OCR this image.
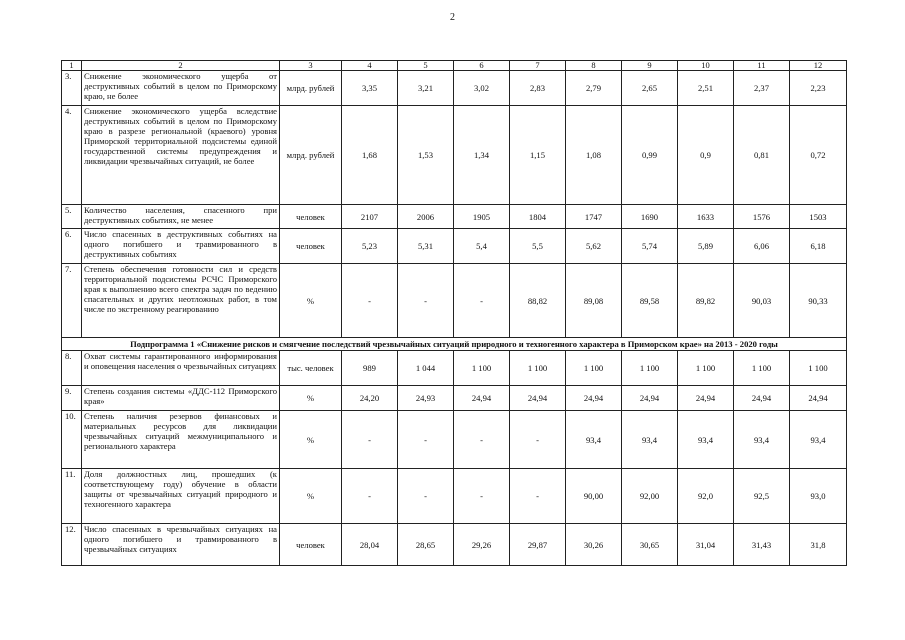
2
1	2	3	4	5	6	7	8	9	10	11	12
3.	Снижение экономического ущерба от деструктивных событий в целом по Приморскому краю, не более	млрд. рублей	3,35	3,21	3,02	2,83	2,79	2,65	2,51	2,37	2,23
4.	Снижение экономического ущерба вследствие деструктивных событий в целом по Приморскому краю в разрезе региональной (краевого) уровня Приморской территориальной подсистемы единой государственной системы предупреждения и ликвидации чрезвычайных ситуаций, не более	млрд. рублей	1,68	1,53	1,34	1,15	1,08	0,99	0,9	0,81	0,72
5.	Количество населения, спасенного при деструктивных событиях, не менее	человек	2107	2006	1905	1804	1747	1690	1633	1576	1503
6.	Число спасенных в деструктивных событиях на одного погибшего и травмированного в деструктивных событиях	человек	5,23	5,31	5,4	5,5	5,62	5,74	5,89	6,06	6,18
7.	Степень обеспечения готовности сил и средств территориальной подсистемы РСЧС Приморского края к выполнению всего спектра задач по ведению спасательных и других неотложных работ, в том числе по экстренному реагированию	%	-	-	-	88,82	89,08	89,58	89,82	90,03	90,33
Подпрограмма 1 «Снижение рисков и смягчение последствий чрезвычайных ситуаций природного и техногенного характера в Приморском крае» на 2013 - 2020 годы											
8.	Охват системы гарантированного информирования и оповещения населения о чрезвычайных ситуациях	тыс. человек	989	1 044	1 100	1 100	1 100	1 100	1 100	1 100	1 100
9.	Степень создания системы «ДДС-112 Приморского края»	%	24,20	24,93	24,94	24,94	24,94	24,94	24,94	24,94	24,94
10.	Степень наличия резервов финансовых и материальных ресурсов для ликвидации чрезвычайных ситуаций межмуниципального и регионального характера	%	-	-	-	-	93,4	93,4	93,4	93,4	93,4
11.	Доля должностных лиц, прошедших (к соответствующему году) обучение в области защиты от чрезвычайных ситуаций природного и техногенного характера	%	-	-	-	-	90,00	92,00	92,0	92,5	93,0
12.	Число спасенных в чрезвычайных ситуациях на одного погибшего и травмированного в чрезвычайных ситуациях	человек	28,04	28,65	29,26	29,87	30,26	30,65	31,04	31,43	31,8
